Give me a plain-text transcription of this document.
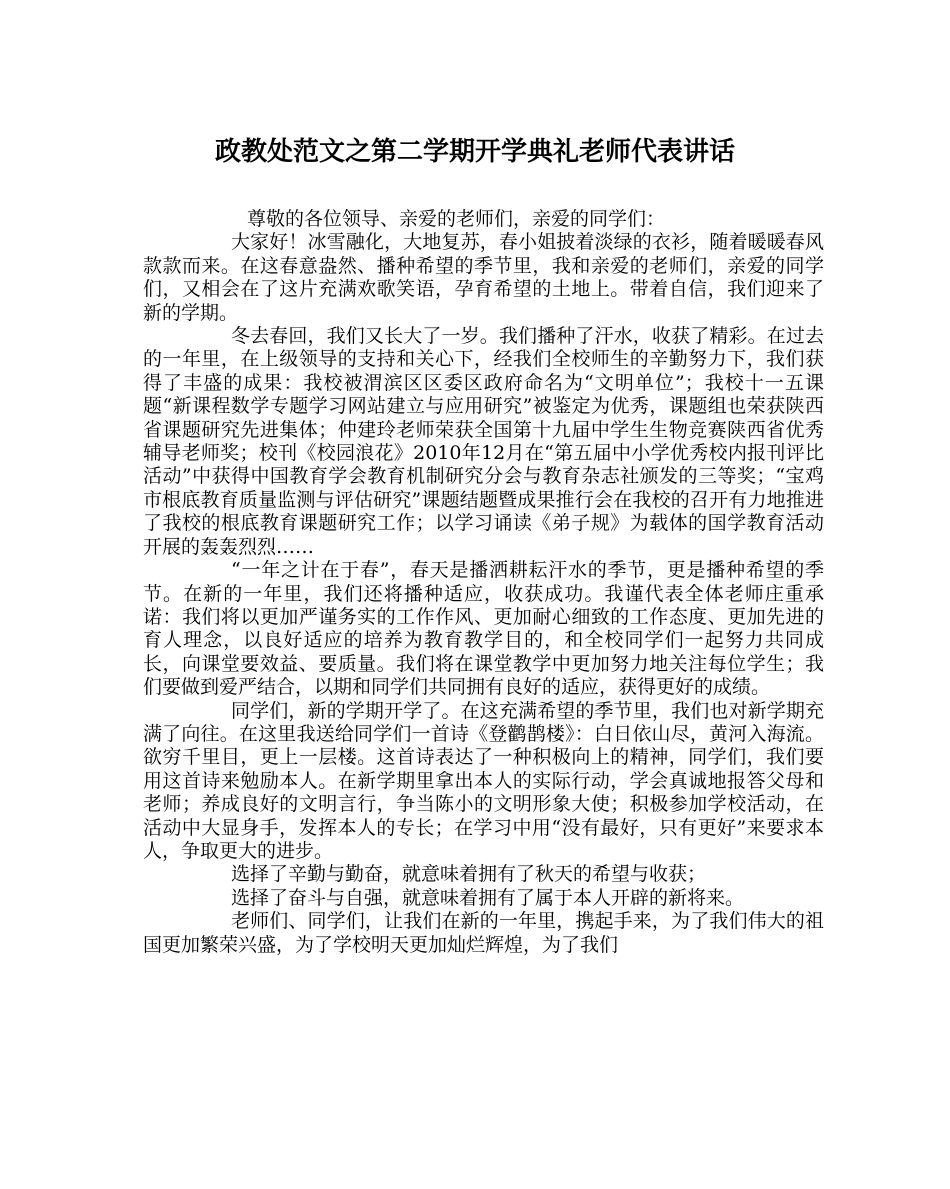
政教处范文之第二学期开学典礼老师代表讲话

尊敬的各位领导、亲爱的老师们，亲爱的同学们：

大家好！冰雪融化，大地复苏，春小姐披着淡绿的衣衫，随着暖暖春风款款而来。在这春意盎然、播种希望的季节里，我和亲爱的老师们，亲爱的同学们，又相会在了这片充满欢歌笑语，孕育希望的土地上。带着自信，我们迎来了新的学期。

冬去春回，我们又长大了一岁。我们播种了汗水，收获了精彩。在过去的一年里，在上级领导的支持和关心下，经我们全校师生的辛勤努力下，我们获得了丰盛的成果：我校被渭滨区区委区政府命名为“文明单位”；我校十一五课题“新课程数学专题学习网站建立与应用研究”被鉴定为优秀，课题组也荣获陕西省课题研究先进集体；仲建玲老师荣获全国第十九届中学生生物竞赛陕西省优秀辅导老师奖；校刊《校园浪花》2010年12月在“第五届中小学优秀校内报刊评比活动”中获得中国教育学会教育机制研究分会与教育杂志社颁发的三等奖；“宝鸡市根底教育质量监测与评估研究”课题结题暨成果推行会在我校的召开有力地推进了我校的根底教育课题研究工作；以学习诵读《弟子规》为载体的国学教育活动开展的轰轰烈烈……

“一年之计在于春”，春天是播洒耕耘汗水的季节，更是播种希望的季节。在新的一年里，我们还将播种适应，收获成功。我谨代表全体老师庄重承诺：我们将以更加严谨务实的工作作风、更加耐心细致的工作态度、更加先进的育人理念，以良好适应的培养为教育教学目的，和全校同学们一起努力共同成长，向课堂要效益、要质量。我们将在课堂教学中更加努力地关注每位学生；我们要做到爱严结合，以期和同学们共同拥有良好的适应，获得更好的成绩。

同学们，新的学期开学了。在这充满希望的季节里，我们也对新学期充满了向往。在这里我送给同学们一首诗《登鹳鹊楼》：白日依山尽，黄河入海流。欲穷千里目，更上一层楼。这首诗表达了一种积极向上的精神，同学们，我们要用这首诗来勉励本人。在新学期里拿出本人的实际行动，学会真诚地报答父母和老师；养成良好的文明言行，争当陈小的文明形象大使；积极参加学校活动，在活动中大显身手，发挥本人的专长；在学习中用“没有最好，只有更好”来要求本人，争取更大的进步。

选择了辛勤与勤奋，就意味着拥有了秋天的希望与收获；

选择了奋斗与自强，就意味着拥有了属于本人开辟的新将来。

老师们、同学们，让我们在新的一年里，携起手来，为了我们伟大的祖国更加繁荣兴盛，为了学校明天更加灿烂辉煌，为了我们
